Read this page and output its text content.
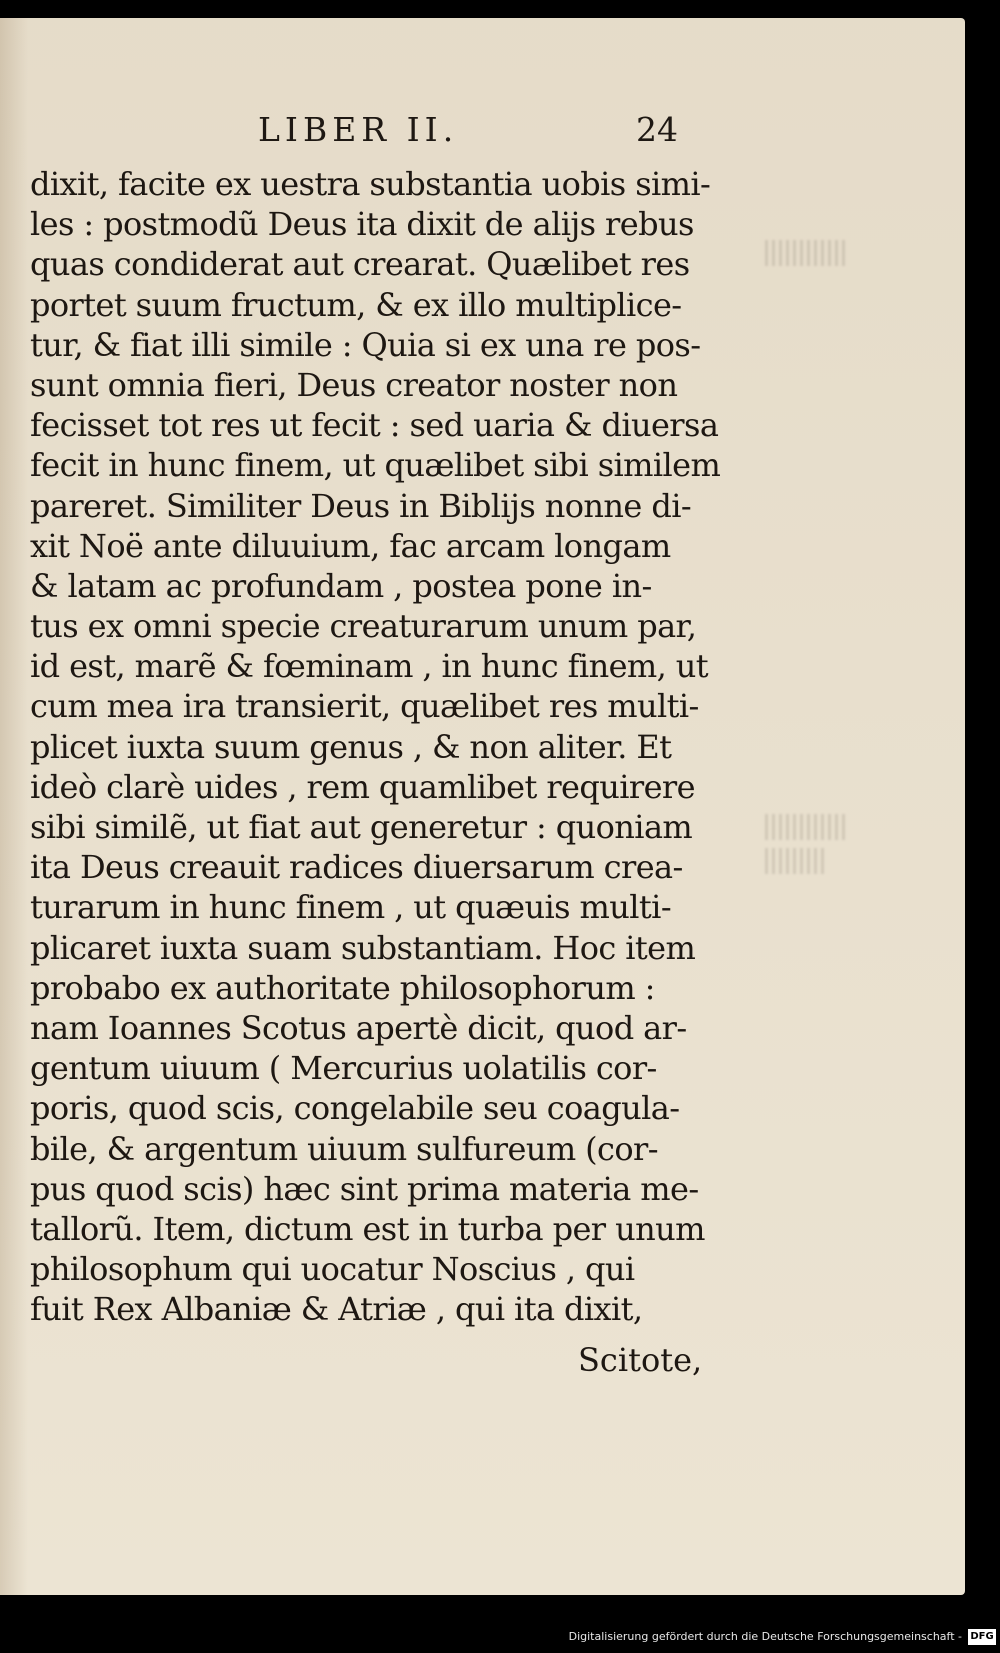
LIBER II.	24
dixit, facite ex uestra substantia uobis simi-
les : postmodũ Deus ita dixit de alijs rebus
quas condiderat aut crearat. Quælibet res
portet suum fructum, & ex illo multiplice-
tur, & fiat illi simile : Quia si ex una re pos-
sunt omnia fieri, Deus creator noster non
fecisset tot res ut fecit : sed uaria & diuersa
fecit in hunc finem, ut quælibet sibi similem
pareret. Similiter Deus in Biblijs nonne di-
xit Noë ante diluuium, fac arcam longam
& latam ac profundam , postea pone in-
tus ex omni specie creaturarum unum par,
id est, marẽ & fœminam , in hunc finem, ut
cum mea ira transierit, quælibet res multi-
plicet iuxta suum genus , & non aliter. Et
ideò clarè uides , rem quamlibet requirere
sibi similẽ, ut fiat aut generetur : quoniam
ita Deus creauit radices diuersarum crea-
turarum in hunc finem , ut quæuis multi-
plicaret iuxta suam substantiam. Hoc item
probabo ex authoritate philosophorum :
nam Ioannes Scotus apertè dicit, quod ar-
gentum uiuum ( Mercurius uolatilis cor-
poris, quod scis, congelabile seu coagula-
bile, & argentum uiuum sulfureum (cor-
pus quod scis) hæc sint prima materia me-
tallorũ. Item, dictum est in turba per unum
philosophum qui uocatur Noscius , qui
fuit Rex Albaniæ & Atriæ , qui ita dixit,
Scitote,
Digitalisierung gefördert durch die Deutsche Forschungsgemeinschaft - DFG
